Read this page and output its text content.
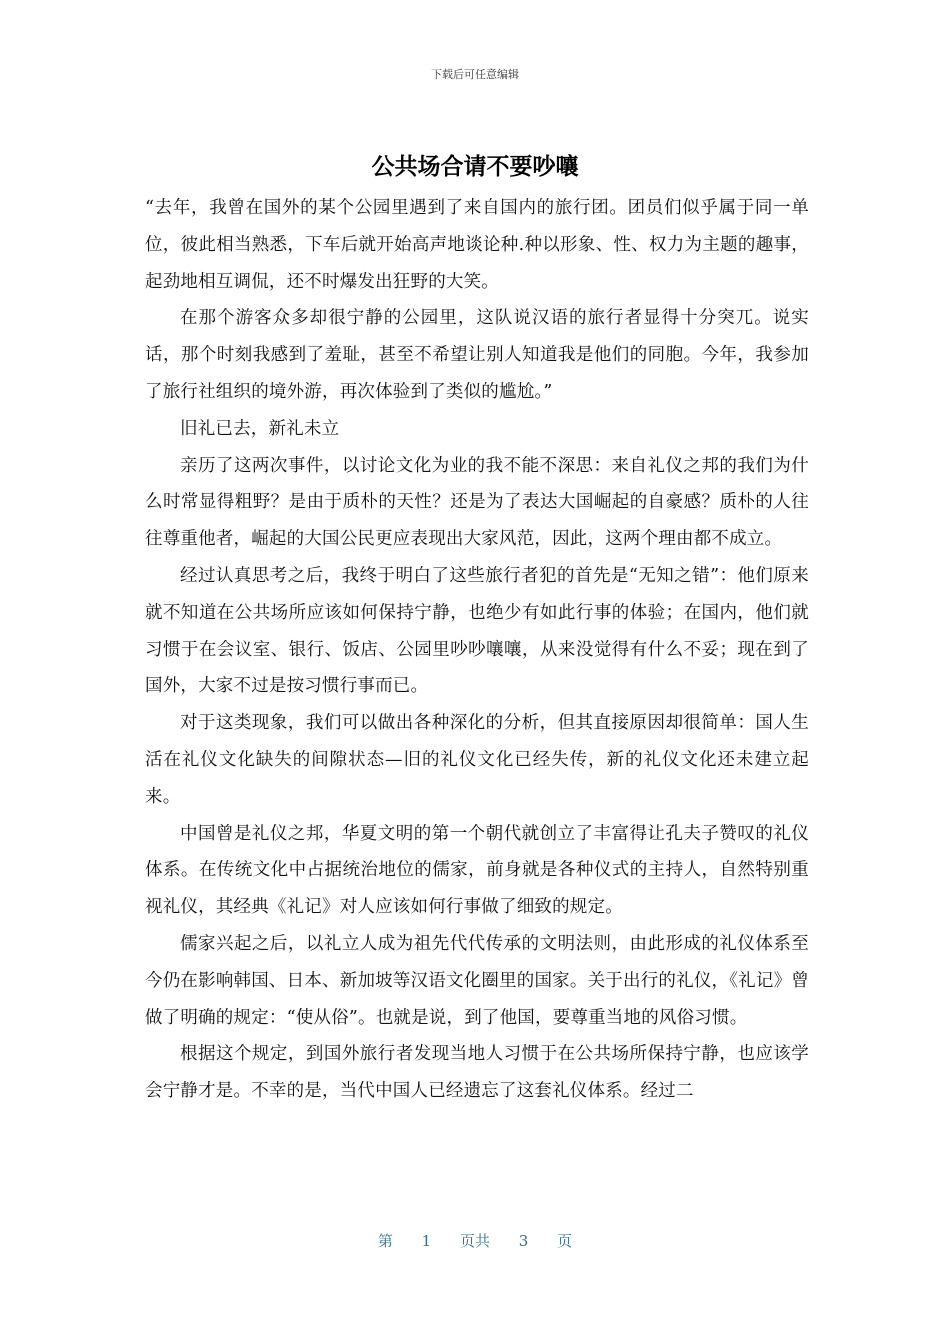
下载后可任意编辑
公共场合请不要吵嚷

“去年，我曾在国外的某个公园里遇到了来自国内的旅行团。团员们似乎属于同一单位，彼此相当熟悉，下车后就开始高声地谈论种.种以形象、性、权力为主题的趣事，起劲地相互调侃，还不时爆发出狂野的大笑。

在那个游客众多却很宁静的公园里，这队说汉语的旅行者显得十分突兀。说实话，那个时刻我感到了羞耻，甚至不希望让别人知道我是他们的同胞。今年，我参加了旅行社组织的境外游，再次体验到了类似的尴尬。”

旧礼已去，新礼未立

亲历了这两次事件，以讨论文化为业的我不能不深思：来自礼仪之邦的我们为什么时常显得粗野？是由于质朴的天性？还是为了表达大国崛起的自豪感？质朴的人往往尊重他者，崛起的大国公民更应表现出大家风范，因此，这两个理由都不成立。

经过认真思考之后，我终于明白了这些旅行者犯的首先是“无知之错”：他们原来就不知道在公共场所应该如何保持宁静，也绝少有如此行事的体验；在国内，他们就习惯于在会议室、银行、饭店、公园里吵吵嚷嚷，从来没觉得有什么不妥；现在到了国外，大家不过是按习惯行事而已。

对于这类现象，我们可以做出各种深化的分析，但其直接原因却很简单：国人生活在礼仪文化缺失的间隙状态—旧的礼仪文化已经失传，新的礼仪文化还未建立起来。

中国曾是礼仪之邦，华夏文明的第一个朝代就创立了丰富得让孔夫子赞叹的礼仪体系。在传统文化中占据统治地位的儒家，前身就是各种仪式的主持人，自然特别重视礼仪，其经典《礼记》对人应该如何行事做了细致的规定。

儒家兴起之后，以礼立人成为祖先代代传承的文明法则，由此形成的礼仪体系至今仍在影响韩国、日本、新加坡等汉语文化圈里的国家。关于出行的礼仪，《礼记》曾做了明确的规定：“使从俗”。也就是说，到了他国，要尊重当地的风俗习惯。

根据这个规定，到国外旅行者发现当地人习惯于在公共场所保持宁静，也应该学会宁静才是。不幸的是，当代中国人已经遗忘了这套礼仪体系。经过二

第 1 页共 3 页
